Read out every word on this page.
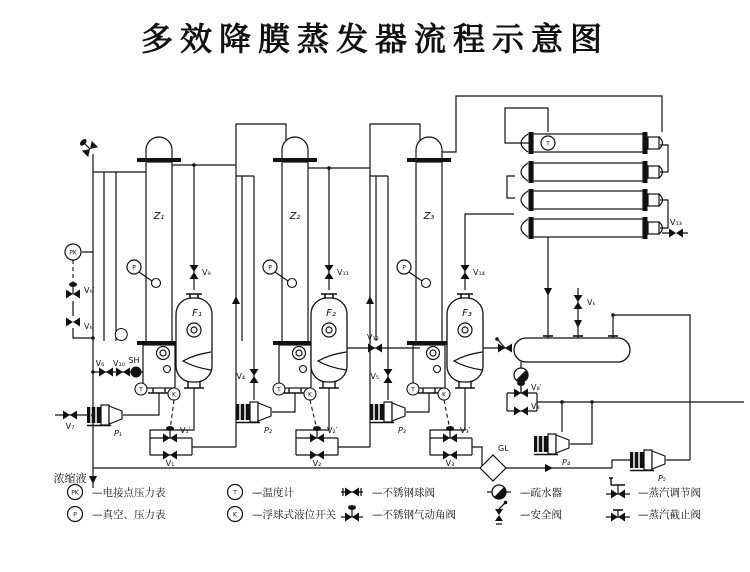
多效降膜蒸发器流程示意图
Z₁	Z₂	Z₃
P	P	P
F₁	F₂	F₃
T
P₁	P₂	P₃
P₄
P₅
PK
Vₕ′
Vₕ
V₆ V₁₀ SH
V₇
V₉	V₁₁	V₁₄
V₄	V₅
V₁′
V₁
V₂′
V₂
V₃′
V₃
V₁₂
V₁₃
Vₖ
V₈′
V₈
GL
T
K
T
K
T
K
浓缩液
PK —电接点压力表
P —真空、压力表
T —温度计
K —浮球式液位开关
—不锈钢球阀
—不锈钢气动角阀
—疏水器
—安全阀
—蒸汽调节阀
—蒸汽截止阀
